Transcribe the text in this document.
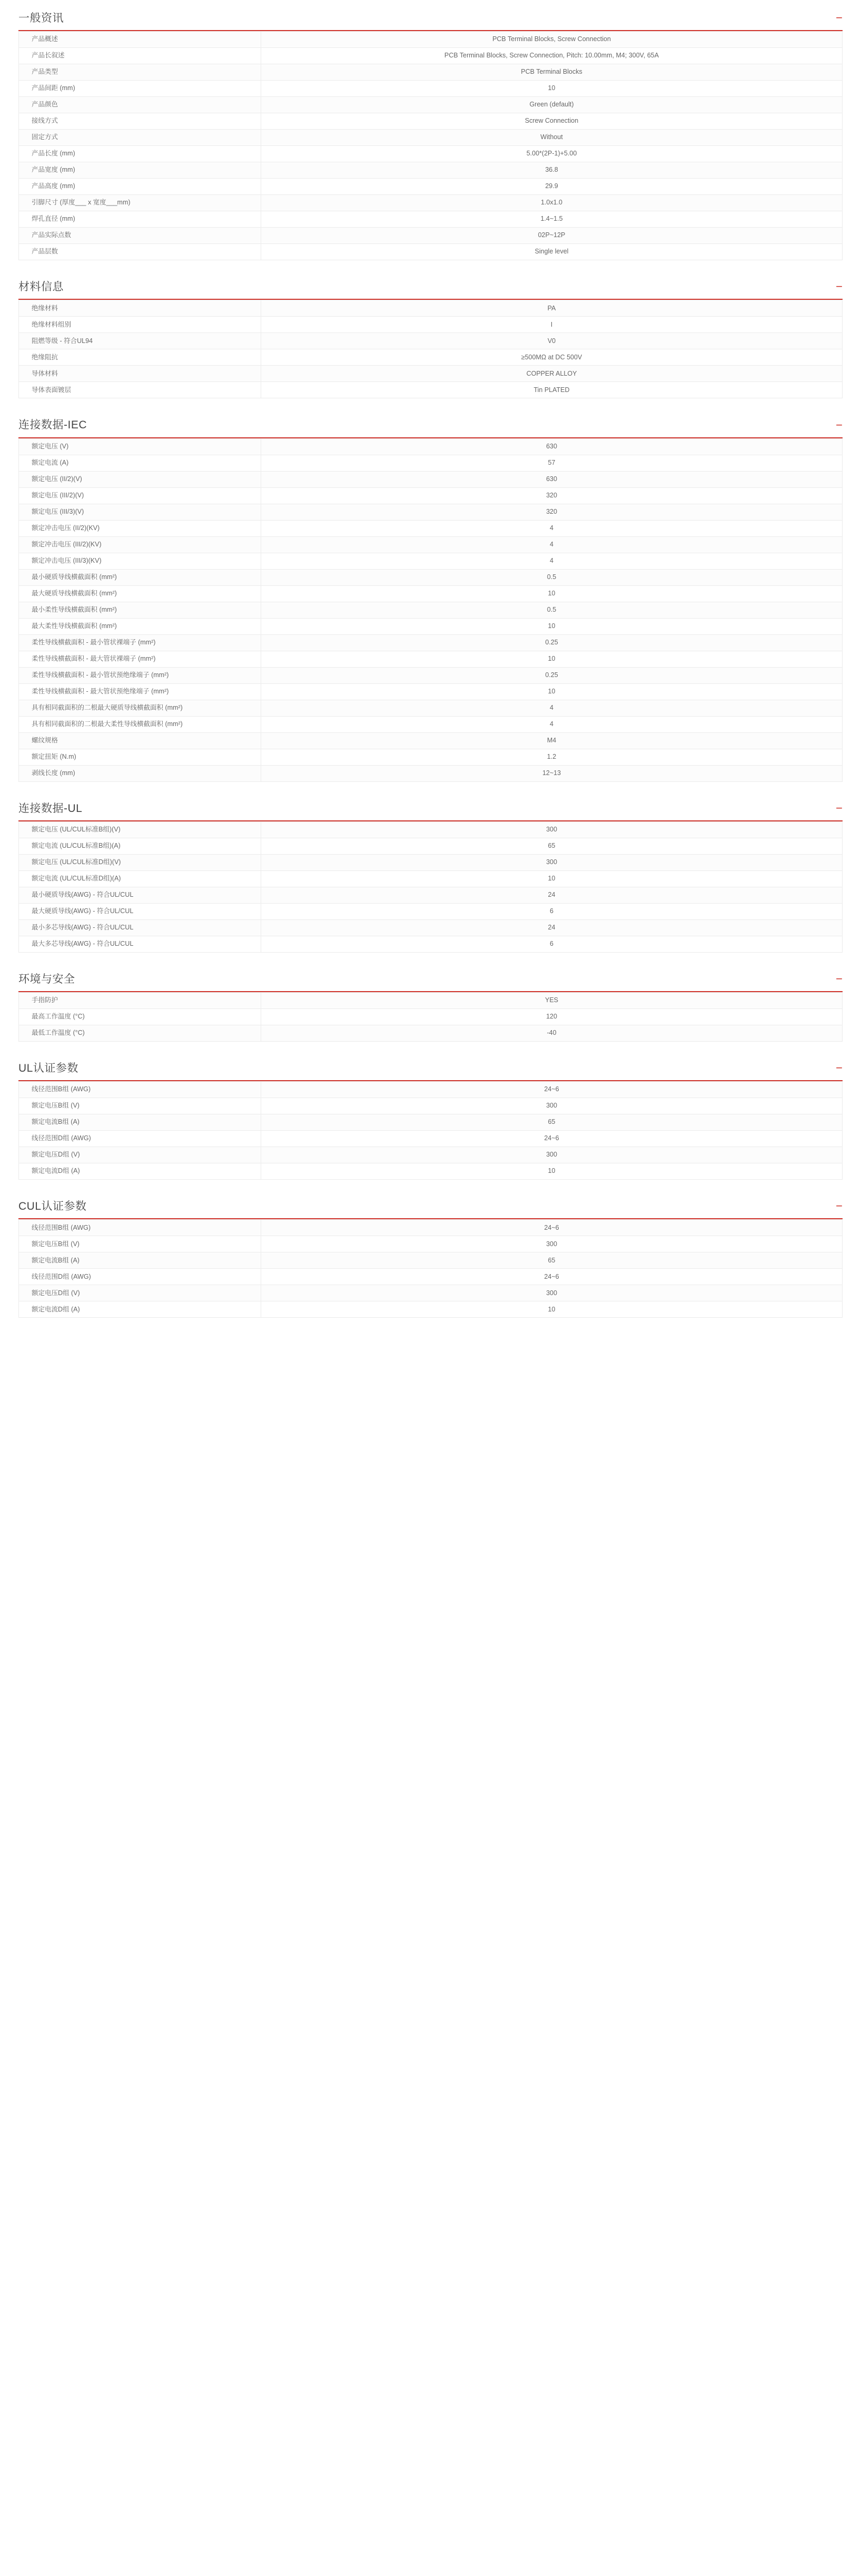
一般资讯	−
产品概述	PCB Terminal Blocks, Screw Connection
产品长叙述	PCB Terminal Blocks, Screw Connection, Pitch: 10.00mm, M4; 300V, 65A
产品类型	PCB Terminal Blocks
产品间距 (mm)	10
产品颜色	Green (default)
接线方式	Screw Connection
固定方式	Without
产品长度 (mm)	5.00*(2P-1)+5.00
产品宽度 (mm)	36.8
产品高度 (mm)	29.9
引脚尺寸 (厚度___ x 宽度___mm)	1.0x1.0
焊孔直径 (mm)	1.4~1.5
产品实际点数	02P~12P
产品层数	Single level
材料信息	−
绝缘材料	PA
绝缘材料组别	I
阻燃等级 - 符合UL94	V0
绝缘阻抗	≥500MΩ at DC 500V
导体材料	COPPER ALLOY
导体表面镀层	Tin PLATED
连接数据-IEC	−
额定电压 (V)	630
额定电流 (A)	57
额定电压 (II/2)(V)	630
额定电压 (III/2)(V)	320
额定电压 (III/3)(V)	320
额定冲击电压 (II/2)(KV)	4
额定冲击电压 (III/2)(KV)	4
额定冲击电压 (III/3)(KV)	4
最小硬质导线横截面积 (mm²)	0.5
最大硬质导线横截面积 (mm²)	10
最小柔性导线横截面积 (mm²)	0.5
最大柔性导线横截面积 (mm²)	10
柔性导线横截面积 - 最小管状裸端子 (mm²)	0.25
柔性导线横截面积 - 最大管状裸端子 (mm²)	10
柔性导线横截面积 - 最小管状预绝缘端子 (mm²)	0.25
柔性导线横截面积 - 最大管状预绝缘端子 (mm²)	10
具有相同截面积的二根最大硬质导线横截面积 (mm²)	4
具有相同截面积的二根最大柔性导线横截面积 (mm²)	4
螺纹规格	M4
额定扭矩 (N.m)	1.2
剥线长度 (mm)	12~13
连接数据-UL	−
额定电压 (UL/CUL标准B组)(V)	300
额定电流 (UL/CUL标准B组)(A)	65
额定电压 (UL/CUL标准D组)(V)	300
额定电流 (UL/CUL标准D组)(A)	10
最小硬质导线(AWG) - 符合UL/CUL	24
最大硬质导线(AWG) - 符合UL/CUL	6
最小多芯导线(AWG) - 符合UL/CUL	24
最大多芯导线(AWG) - 符合UL/CUL	6
环境与安全	−
手指防护	YES
最高工作温度 (°C)	120
最低工作温度 (°C)	-40
UL认证参数	−
线径范围B组 (AWG)	24~6
额定电压B组 (V)	300
额定电流B组 (A)	65
线径范围D组 (AWG)	24~6
额定电压D组 (V)	300
额定电流D组 (A)	10
CUL认证参数	−
线径范围B组 (AWG)	24~6
额定电压B组 (V)	300
额定电流B组 (A)	65
线径范围D组 (AWG)	24~6
额定电压D组 (V)	300
额定电流D组 (A)	10
